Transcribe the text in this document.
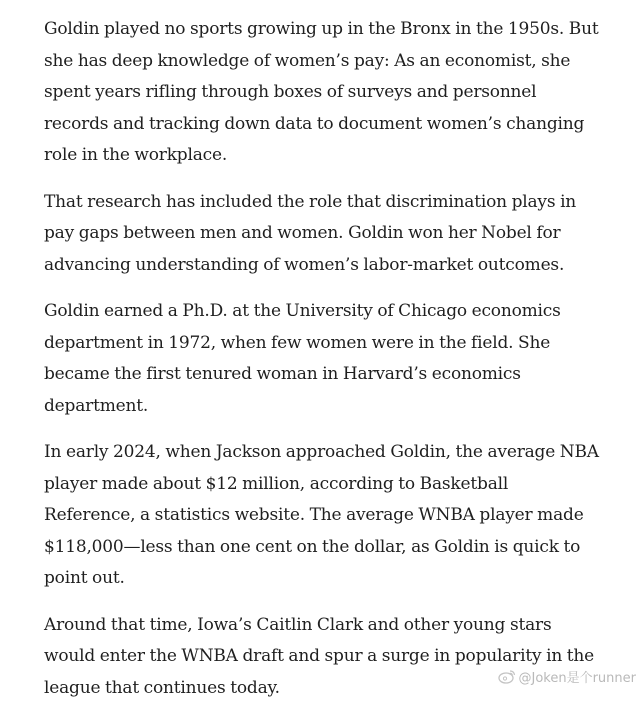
Goldin played no sports growing up in the Bronx in the 1950s. But she has deep knowledge of women’s pay: As an economist, she spent years rifling through boxes of surveys and personnel records and tracking down data to document women’s changing role in the workplace.

That research has included the role that discrimination plays in pay gaps between men and women. Goldin won her Nobel for advancing understanding of women’s labor-market outcomes.

Goldin earned a Ph.D. at the University of Chicago economics department in 1972, when few women were in the field. She became the first tenured woman in Harvard’s economics department.

In early 2024, when Jackson approached Goldin, the average NBA player made about $12 million, according to Basketball Reference, a statistics website. The average WNBA player made $118,000—less than one cent on the dollar, as Goldin is quick to point out.

Around that time, Iowa’s Caitlin Clark and other young stars would enter the WNBA draft and spur a surge in popularity in the league that continues today.	@Joken是个runner
